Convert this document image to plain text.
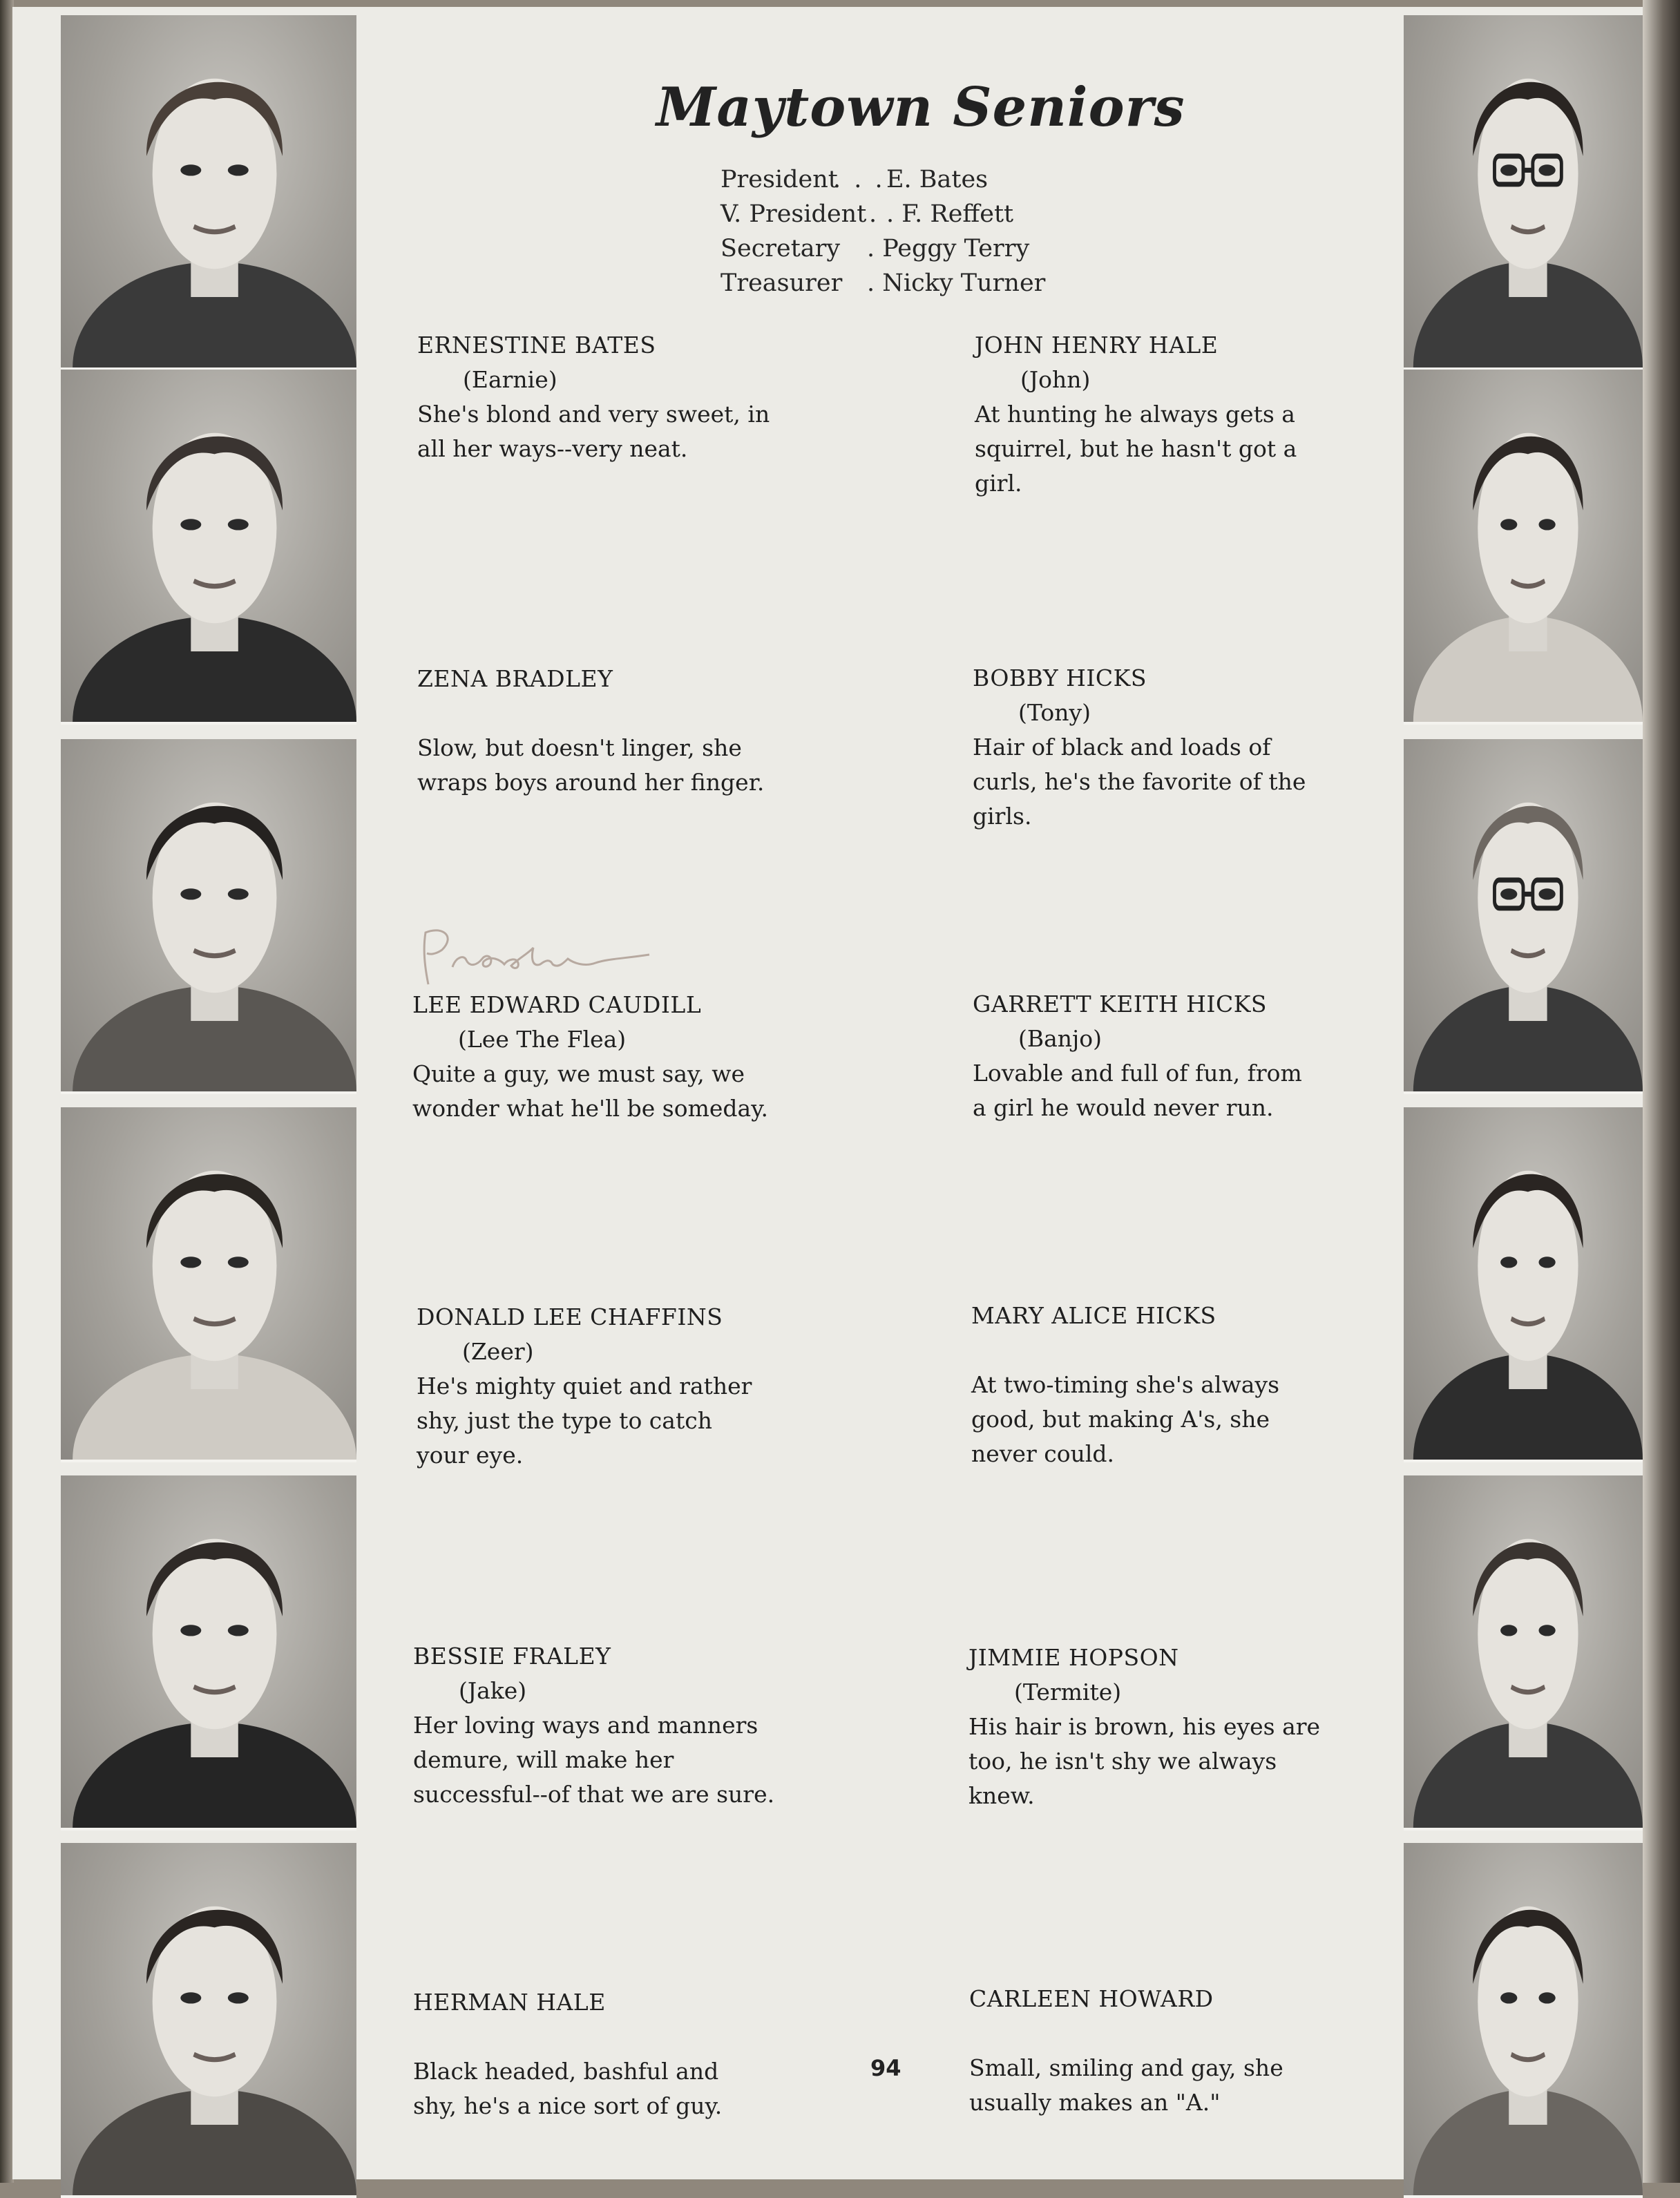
Maytown Seniors
President
. . . E. Bates
V. President . . F. Reffett
Secretary . Peggy Terry
Treasurer . Nicky Turner
ERNESTINE BATES
(Earnie)
She's blond and very sweet, in
all her ways--very neat.
ZENA BRADLEY
Slow, but doesn't linger, she
wraps boys around her finger.
LEE EDWARD CAUDILL
(Lee The Flea)
Quite a guy, we must say, we
wonder what he'll be someday.
DONALD LEE CHAFFINS
(Zeer)
He's mighty quiet and rather
shy, just the type to catch
your eye.
BESSIE FRALEY
(Jake)
Her loving ways and manners
demure, will make her
successful--of that we are sure.
HERMAN HALE
Black headed, bashful and
shy, he's a nice sort of guy.
JOHN HENRY HALE
(John)
At hunting he always gets a
squirrel, but he hasn't got a
girl.
BOBBY HICKS
(Tony)
Hair of black and loads of
curls, he's the favorite of the
girls.
GARRETT KEITH HICKS
(Banjo)
Lovable and full of fun, from
a girl he would never run.
MARY ALICE HICKS
At two-timing she's always
good, but making A's, she
never could.
JIMMIE HOPSON
(Termite)
His hair is brown, his eyes are
too, he isn't shy we always
knew.
CARLEEN HOWARD
Small, smiling and gay, she
usually makes an "A."
94
